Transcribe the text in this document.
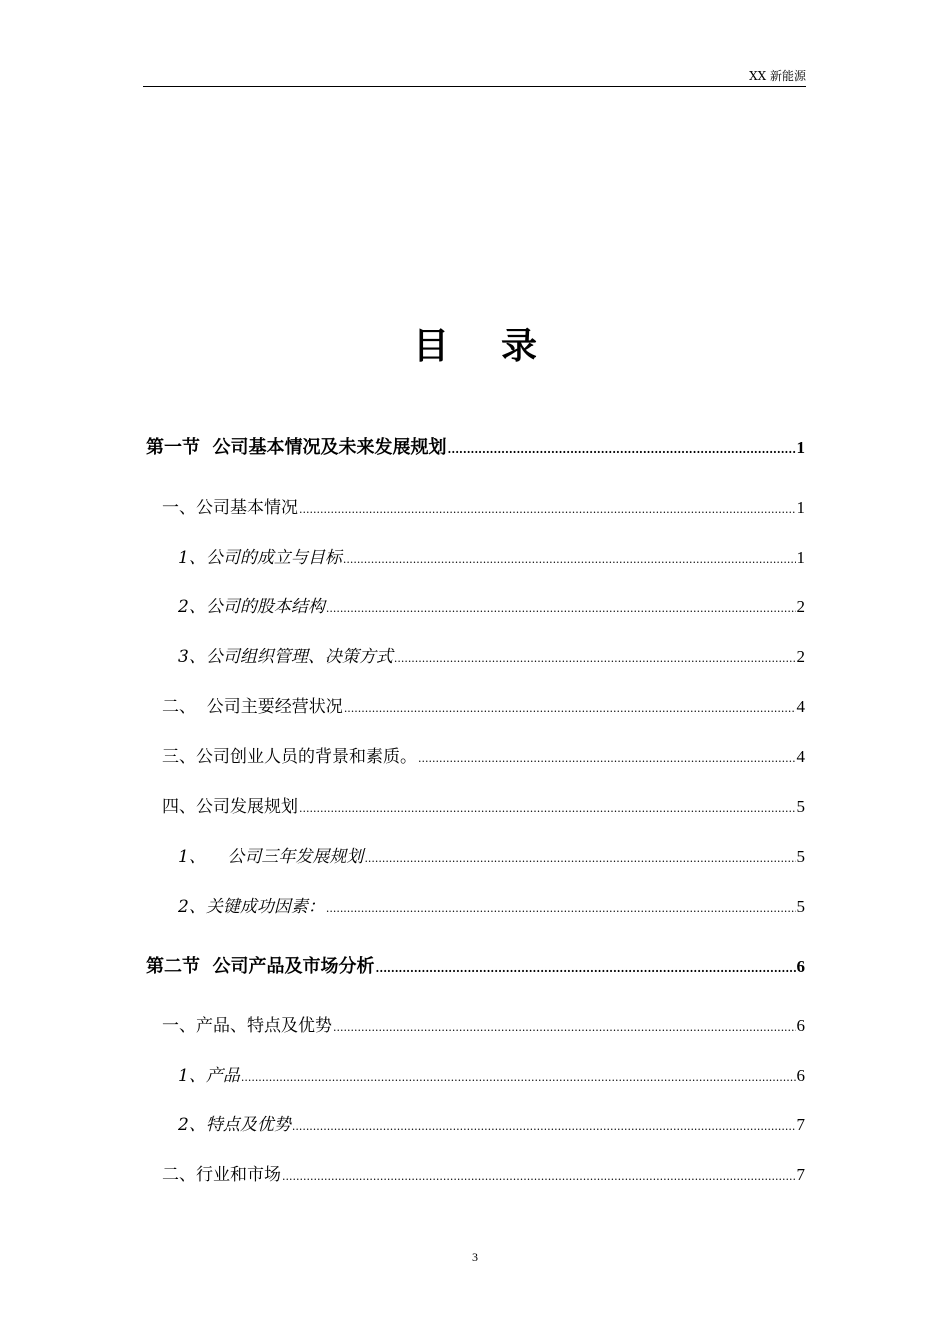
XX 新能源
目 录
第一节  公司基本情况及未来发展规划 .....	1
一、公司基本情况 .....	1
1、公司的成立与目标 .....	1
2、公司的股本结构 .....	2
3、公司组织管理、决策方式 .....	2
二、  公司主要经营状况 .....	4
三、公司创业人员的背景和素质。 .....	4
四、公司发展规划 .....	5
1、    公司三年发展规划 .....	5
2、关键成功因素： .....	5
第二节  公司产品及市场分析 .....	6
一、产品、特点及优势 .....	6
1、产品 .....	6
2、特点及优势 .....	7
二、行业和市场 .....	7
3
